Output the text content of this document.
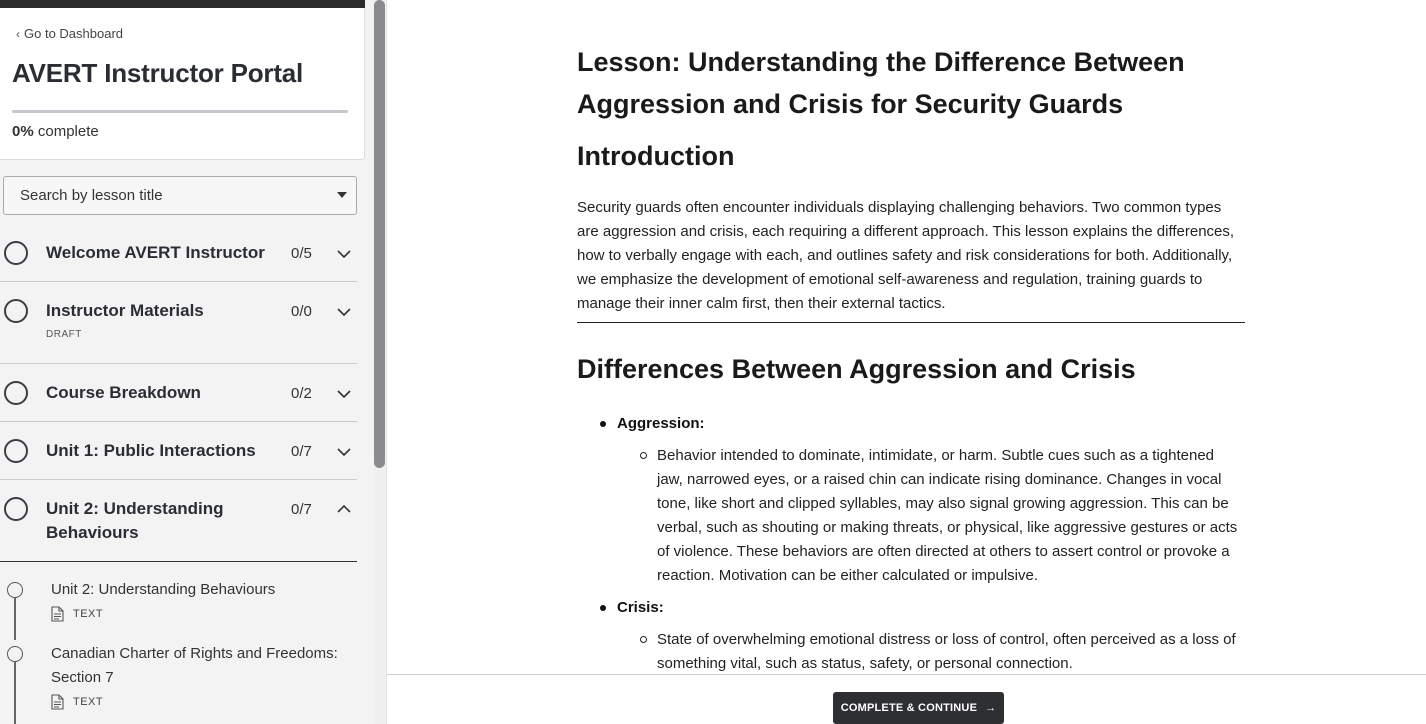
‹ Go to Dashboard
AVERT Instructor Portal
0% complete
Search by lesson title
Welcome AVERT Instructor 0/5
Instructor Materials
DRAFT
0/0
Course Breakdown	0/2
Unit 1: Public Interactions 0/7
Unit 2: Understanding Behaviours
0/7
Unit 2: Understanding Behaviours
TEXT
Canadian Charter of Rights and Freedoms: Section 7
TEXT
Lesson: Understanding the Difference Between Aggression and Crisis for Security Guards
Introduction

Security guards often encounter individuals displaying challenging behaviors. Two common types are aggression and crisis, each requiring a different approach. This lesson explains the differences, how to verbally engage with each, and outlines safety and risk considerations for both. Additionally, we emphasize the development of emotional self-awareness and regulation, training guards to manage their inner calm first, then their external tactics.

Differences Between Aggression and Crisis
Aggression:
Behavior intended to dominate, intimidate, or harm. Subtle cues such as a tightened jaw, narrowed eyes, or a raised chin can indicate rising dominance. Changes in vocal tone, like short and clipped syllables, may also signal growing aggression. This can be verbal, such as shouting or making threats, or physical, like aggressive gestures or acts of violence. These behaviors are often directed at others to assert control or provoke a reaction. Motivation can be either calculated or impulsive.
Crisis:
State of overwhelming emotional distress or loss of control, often perceived as a loss of something vital, such as status, safety, or personal connection.
COMPLETE & CONTINUE →
